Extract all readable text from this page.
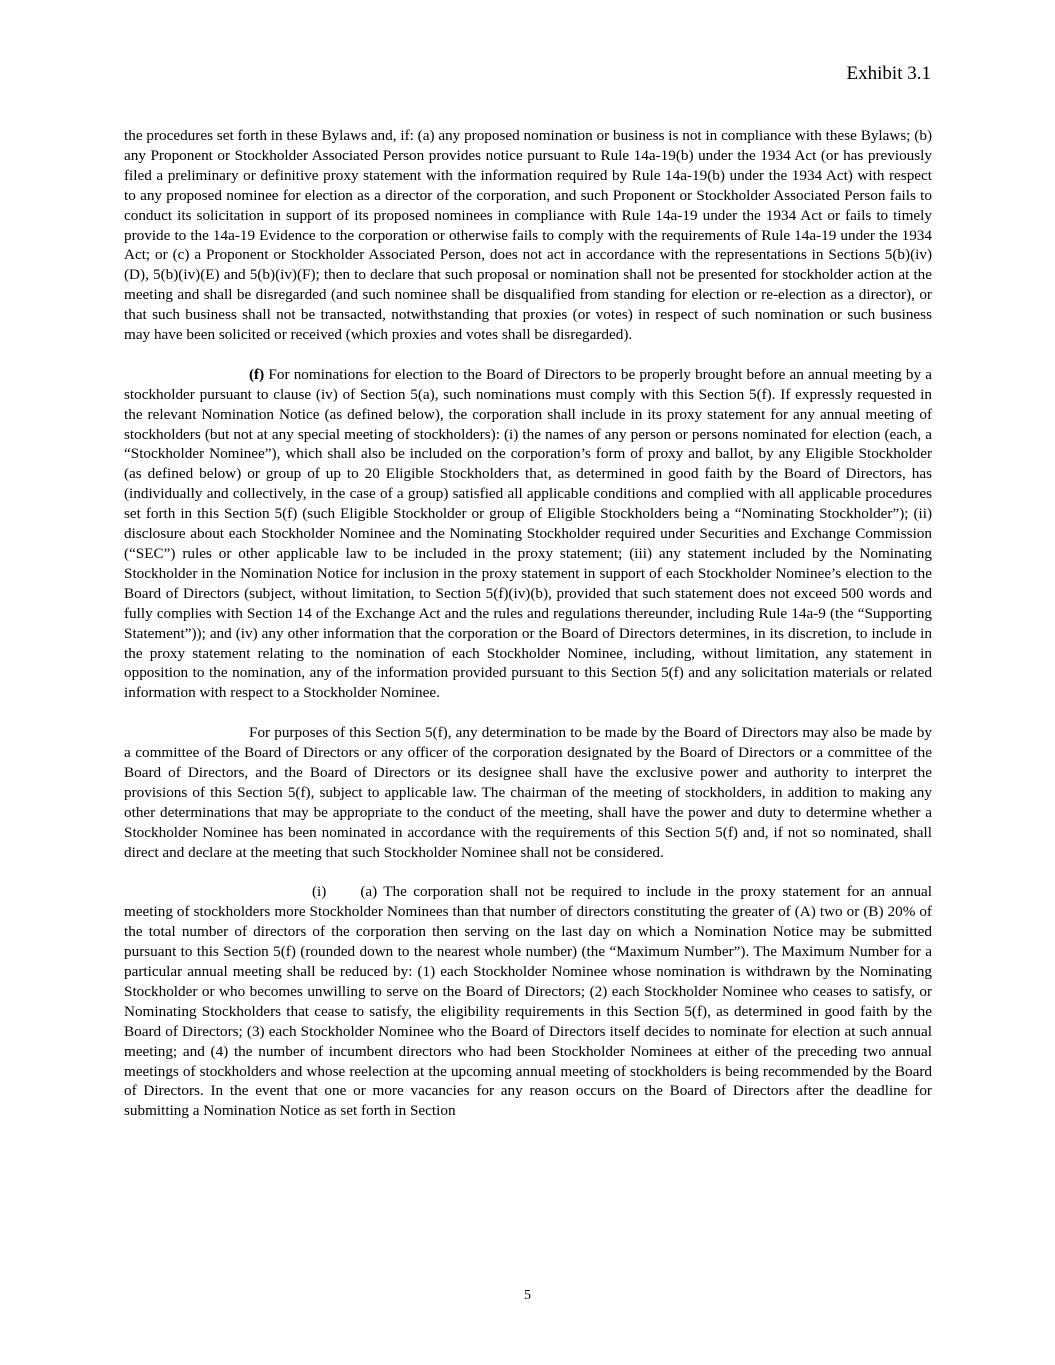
Exhibit 3.1

the procedures set forth in these Bylaws and, if: (a) any proposed nomination or business is not in compliance with these Bylaws; (b) any Proponent or Stockholder Associated Person provides notice pursuant to Rule 14a-19(b) under the 1934 Act (or has previously filed a preliminary or definitive proxy statement with the information required by Rule 14a-19(b) under the 1934 Act) with respect to any proposed nominee for election as a director of the corporation, and such Proponent or Stockholder Associated Person fails to conduct its solicitation in support of its proposed nominees in compliance with Rule 14a-19 under the 1934 Act or fails to timely provide to the 14a-19 Evidence to the corporation or otherwise fails to comply with the requirements of Rule 14a-19 under the 1934 Act; or (c) a Proponent or Stockholder Associated Person, does not act in accordance with the representations in Sections 5(b)(iv)(D), 5(b)(iv)(E) and 5(b)(iv)(F); then to declare that such proposal or nomination shall not be presented for stockholder action at the meeting and shall be disregarded (and such nominee shall be disqualified from standing for election or re-election as a director), or that such business shall not be transacted, notwithstanding that proxies (or votes) in respect of such nomination or such business may have been solicited or received (which proxies and votes shall be disregarded).

(f) For nominations for election to the Board of Directors to be properly brought before an annual meeting by a stockholder pursuant to clause (iv) of Section 5(a), such nominations must comply with this Section 5(f). If expressly requested in the relevant Nomination Notice (as defined below), the corporation shall include in its proxy statement for any annual meeting of stockholders (but not at any special meeting of stockholders): (i) the names of any person or persons nominated for election (each, a “Stockholder Nominee”), which shall also be included on the corporation’s form of proxy and ballot, by any Eligible Stockholder (as defined below) or group of up to 20 Eligible Stockholders that, as determined in good faith by the Board of Directors, has (individually and collectively, in the case of a group) satisfied all applicable conditions and complied with all applicable procedures set forth in this Section 5(f) (such Eligible Stockholder or group of Eligible Stockholders being a “Nominating Stockholder”); (ii) disclosure about each Stockholder Nominee and the Nominating Stockholder required under Securities and Exchange Commission (“SEC”) rules or other applicable law to be included in the proxy statement; (iii) any statement included by the Nominating Stockholder in the Nomination Notice for inclusion in the proxy statement in support of each Stockholder Nominee’s election to the Board of Directors (subject, without limitation, to Section 5(f)(iv)(b), provided that such statement does not exceed 500 words and fully complies with Section 14 of the Exchange Act and the rules and regulations thereunder, including Rule 14a-9 (the “Supporting Statement”)); and (iv) any other information that the corporation or the Board of Directors determines, in its discretion, to include in the proxy statement relating to the nomination of each Stockholder Nominee, including, without limitation, any statement in opposition to the nomination, any of the information provided pursuant to this Section 5(f) and any solicitation materials or related information with respect to a Stockholder Nominee.

For purposes of this Section 5(f), any determination to be made by the Board of Directors may also be made by a committee of the Board of Directors or any officer of the corporation designated by the Board of Directors or a committee of the Board of Directors, and the Board of Directors or its designee shall have the exclusive power and authority to interpret the provisions of this Section 5(f), subject to applicable law. The chairman of the meeting of stockholders, in addition to making any other determinations that may be appropriate to the conduct of the meeting, shall have the power and duty to determine whether a Stockholder Nominee has been nominated in accordance with the requirements of this Section 5(f) and, if not so nominated, shall direct and declare at the meeting that such Stockholder Nominee shall not be considered.

(i) (a) The corporation shall not be required to include in the proxy statement for an annual meeting of stockholders more Stockholder Nominees than that number of directors constituting the greater of (A) two or (B) 20% of the total number of directors of the corporation then serving on the last day on which a Nomination Notice may be submitted pursuant to this Section 5(f) (rounded down to the nearest whole number) (the “Maximum Number”). The Maximum Number for a particular annual meeting shall be reduced by: (1) each Stockholder Nominee whose nomination is withdrawn by the Nominating Stockholder or who becomes unwilling to serve on the Board of Directors; (2) each Stockholder Nominee who ceases to satisfy, or Nominating Stockholders that cease to satisfy, the eligibility requirements in this Section 5(f), as determined in good faith by the Board of Directors; (3) each Stockholder Nominee who the Board of Directors itself decides to nominate for election at such annual meeting; and (4) the number of incumbent directors who had been Stockholder Nominees at either of the preceding two annual meetings of stockholders and whose reelection at the upcoming annual meeting of stockholders is being recommended by the Board of Directors. In the event that one or more vacancies for any reason occurs on the Board of Directors after the deadline for submitting a Nomination Notice as set forth in Section

5
